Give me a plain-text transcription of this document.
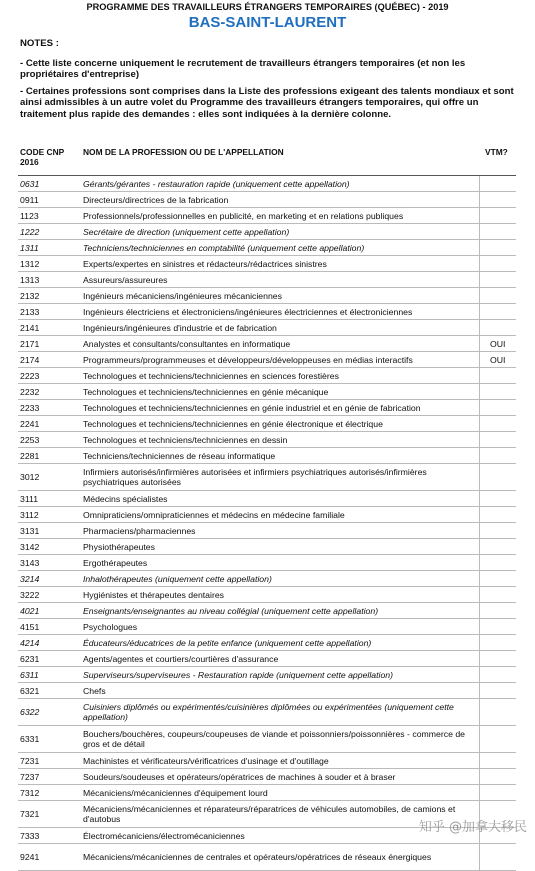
PROGRAMME DES TRAVAILLEURS ÉTRANGERS TEMPORAIRES (QUÉBEC) - 2019
BAS-SAINT-LAURENT
NOTES :

- Cette liste concerne uniquement le recrutement de travailleurs étrangers temporaires (et non les propriétaires d'entreprise)

- Certaines professions sont comprises dans la Liste des professions exigeant des talents mondiaux et sont ainsi admissibles à un autre volet du Programme des travailleurs étrangers temporaires, qui offre un traitement plus rapide des demandes : elles sont indiquées à la dernière colonne.

CODE CNP 2016	NOM DE LA PROFESSION OU DE L'APPELLATION	VTM?
0631	Gérants/gérantes - restauration rapide (uniquement cette appellation)	
0911	Directeurs/directrices de la fabrication	
1123	Professionnels/professionnelles en publicité, en marketing et en relations publiques	
1222	Secrétaire de direction (uniquement cette appellation)	
1311	Techniciens/techniciennes en comptabilité (uniquement cette appellation)	
1312	Experts/expertes en sinistres et rédacteurs/rédactrices sinistres	
1313	Assureurs/assureures	
2132	Ingénieurs mécaniciens/ingénieures mécaniciennes	
2133	Ingénieurs électriciens et électroniciens/ingénieures électriciennes et électroniciennes	
2141	Ingénieurs/ingénieures d'industrie et de fabrication	
2171	Analystes et consultants/consultantes en informatique	OUI
2174	Programmeurs/programmeuses et développeurs/développeuses en médias interactifs	OUI
2223	Technologues et techniciens/techniciennes en sciences forestières	
2232	Technologues et techniciens/techniciennes en génie mécanique	
2233	Technologues et techniciens/techniciennes en génie industriel et en génie de fabrication	
2241	Technologues et techniciens/techniciennes en génie électronique et électrique	
2253	Technologues et techniciens/techniciennes en dessin	
2281	Techniciens/techniciennes de réseau informatique	
3012	Infirmiers autorisés/infirmières autorisées et infirmiers psychiatriques autorisés/infirmières psychiatriques autorisées	
3111	Médecins spécialistes	
3112	Omnipraticiens/omnipraticiennes et médecins en médecine familiale	
3131	Pharmaciens/pharmaciennes	
3142	Physiothérapeutes	
3143	Ergothérapeutes	
3214	Inhalothérapeutes (uniquement cette appellation)	
3222	Hygiénistes et thérapeutes dentaires	
4021	Enseignants/enseignantes au niveau collégial (uniquement cette appellation)	
4151	Psychologues	
4214	Éducateurs/éducatrices de la petite enfance (uniquement cette appellation)	
6231	Agents/agentes et courtiers/courtières d'assurance	
6311	Superviseurs/superviseures - Restauration rapide (uniquement cette appellation)	
6321	Chefs	
6322	Cuisiniers diplômés ou expérimentés/cuisinières diplômées ou expérimentées (uniquement cette appellation)	
6331	Bouchers/bouchères, coupeurs/coupeuses de viande et poissonniers/poissonnières - commerce de gros et de détail	
7231	Machinistes et vérificateurs/vérificatrices d'usinage et d'outillage	
7237	Soudeurs/soudeuses et opérateurs/opératrices de machines à souder et à braser	
7312	Mécaniciens/mécaniciennes d'équipement lourd	
7321	Mécaniciens/mécaniciennes et réparateurs/réparatrices de véhicules automobiles, de camions et d'autobus	
7333	Électromécaniciens/électromécaniciennes	
9241	Mécaniciens/mécaniciennes de centrales et opérateurs/opératrices de réseaux énergiques	
知乎 @加拿大移民
